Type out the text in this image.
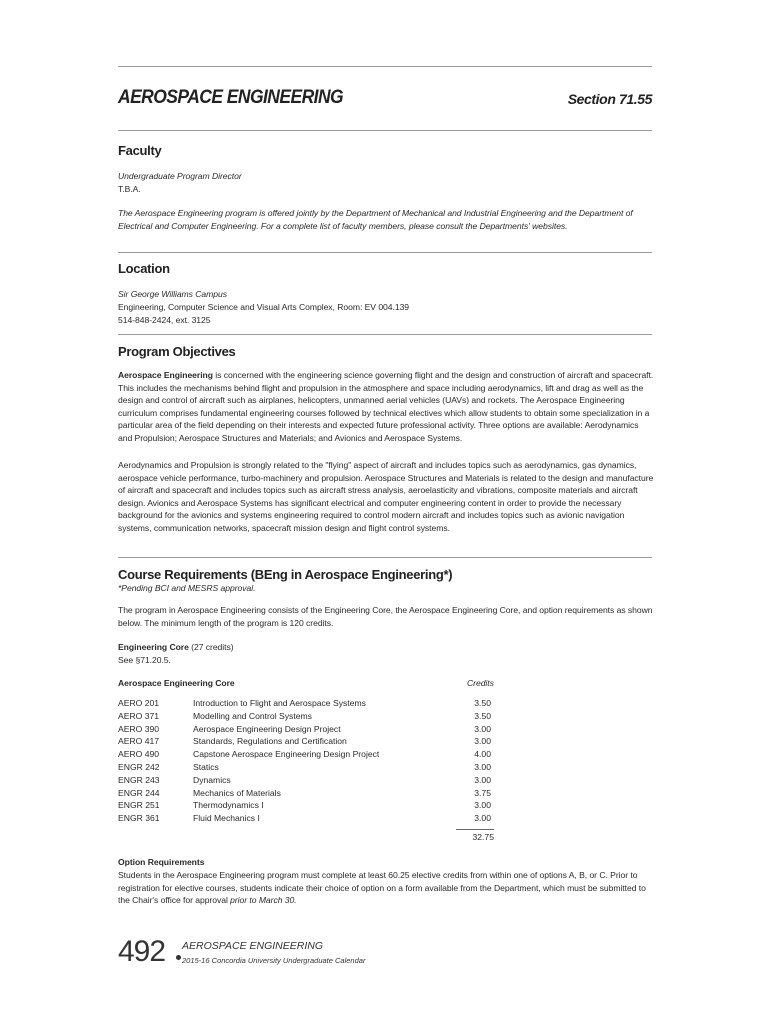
AEROSPACE ENGINEERING	Section 71.55
Faculty
Undergraduate Program Director
T.B.A.
The Aerospace Engineering program is offered jointly by the Department of Mechanical and Industrial Engineering and the Department of Electrical and Computer Engineering. For a complete list of faculty members, please consult the Departments' websites.
Location
Sir George Williams Campus
Engineering, Computer Science and Visual Arts Complex, Room: EV 004.139
514-848-2424, ext. 3125
Program Objectives
Aerospace Engineering is concerned with the engineering science governing flight and the design and construction of aircraft and spacecraft. This includes the mechanisms behind flight and propulsion in the atmosphere and space including aerodynamics, lift and drag as well as the design and control of aircraft such as airplanes, helicopters, unmanned aerial vehicles (UAVs) and rockets. The Aerospace Engineering curriculum comprises fundamental engineering courses followed by technical electives which allow students to obtain some specialization in a particular area of the field depending on their interests and expected future professional activity. Three options are available: Aerodynamics and Propulsion; Aerospace Structures and Materials; and Avionics and Aerospace Systems.
Aerodynamics and Propulsion is strongly related to the "flying" aspect of aircraft and includes topics such as aerodynamics, gas dynamics, aerospace vehicle performance, turbo-machinery and propulsion. Aerospace Structures and Materials is related to the design and manufacture of aircraft and spacecraft and includes topics such as aircraft stress analysis, aeroelasticity and vibrations, composite materials and aircraft design. Avionics and Aerospace Systems has significant electrical and computer engineering content in order to provide the necessary background for the avionics and systems engineering required to control modern aircraft and includes topics such as avionic navigation systems, communication networks, spacecraft mission design and flight control systems.
Course Requirements (BEng in Aerospace Engineering*)
*Pending BCI and MESRS approval.
The program in Aerospace Engineering consists of the Engineering Core, the Aerospace Engineering Core, and option requirements as shown below. The minimum length of the program is 120 credits.
Engineering Core (27 credits)
See §71.20.5.
Aerospace Engineering Core	Credits
AERO 201	Introduction to Flight and Aerospace Systems	3.50
AERO 371	Modelling and Control Systems	3.50
AERO 390	Aerospace Engineering Design Project	3.00
AERO 417	Standards, Regulations and Certification	3.00
AERO 490	Capstone Aerospace Engineering Design Project	4.00
ENGR 242	Statics	3.00
ENGR 243	Dynamics	3.00
ENGR 244	Mechanics of Materials	3.75
ENGR 251	Thermodynamics I	3.00
ENGR 361	Fluid Mechanics I	3.00
32.75
Option Requirements
Students in the Aerospace Engineering program must complete at least 60.25 elective credits from within one of options A, B, or C. Prior to registration for elective courses, students indicate their choice of option on a form available from the Department, which must be submitted to the Chair's office for approval prior to March 30.
492 AEROSPACE ENGINEERING
2015-16 Concordia University Undergraduate Calendar
